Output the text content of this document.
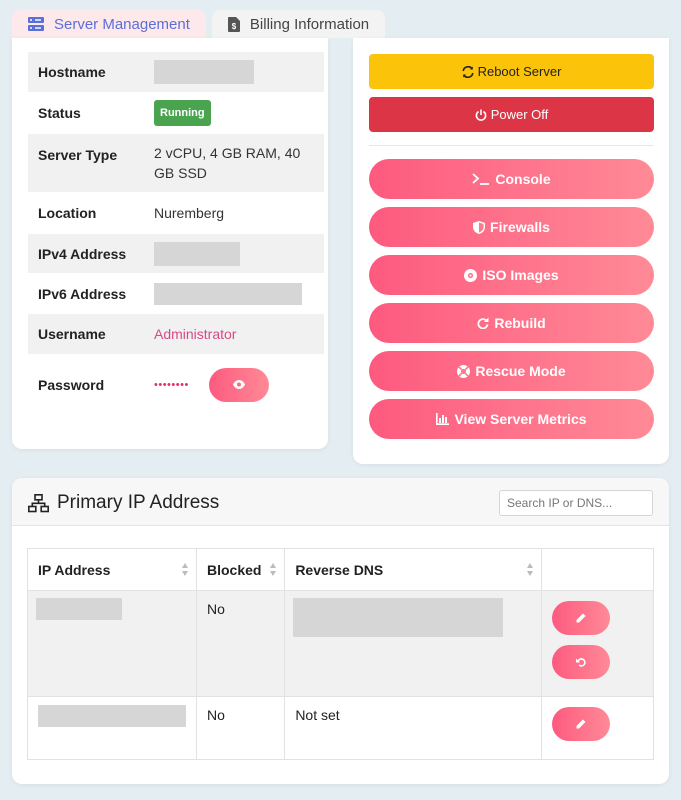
Server Management	$ Billing Information
Hostname	
Status	Running
Server Type	2 vCPU, 4 GB RAM, 40 GB SSD
Location	Nuremberg
IPv4 Address	
IPv6 Address	
Username	Administrator
Password	••••••••
Reboot Server
Power Off
Console
Firewalls
ISO Images
Rebuild
Rescue Mode
View Server Metrics
Primary IP Address
Search IP or DNS...
IP Address	Blocked	Reverse DNS

	No		

	No	Not set	
